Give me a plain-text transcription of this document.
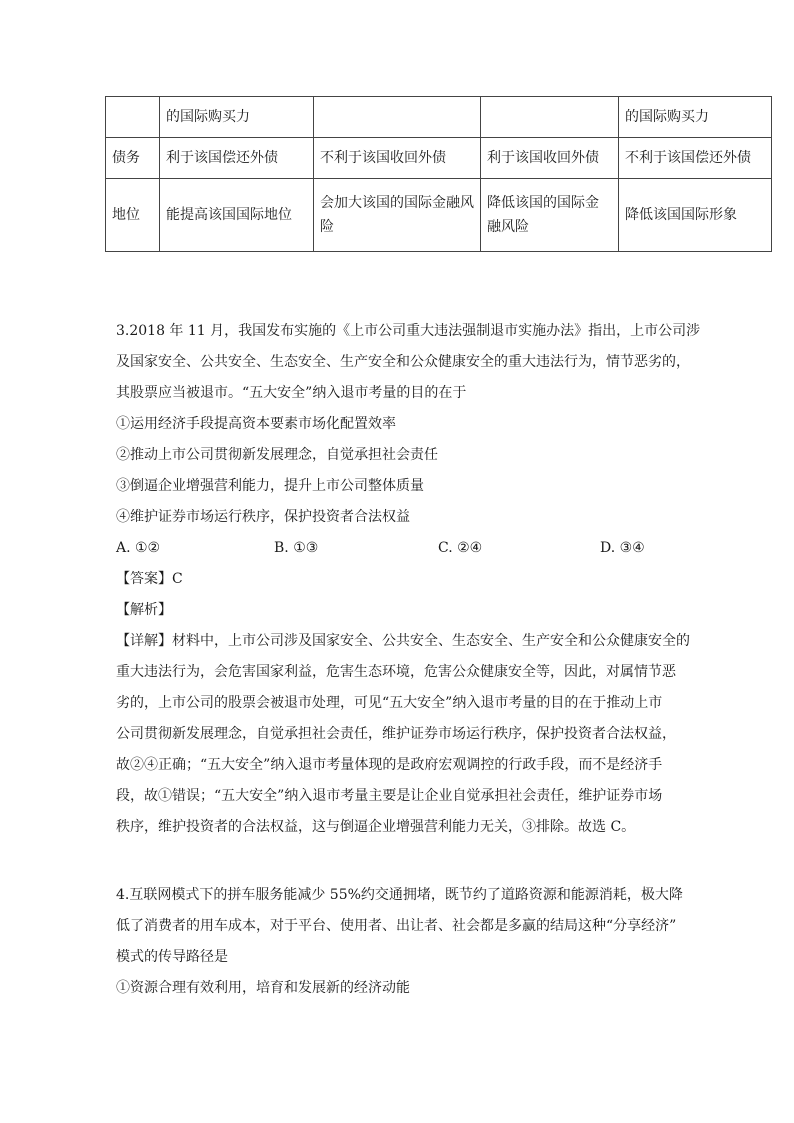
	的国际购买力			的国际购买力
债务	利于该国偿还外债	不利于该国收回外债	利于该国收回外债	不利于该国偿还外债
地位	能提高该国国际地位	会加大该国的国际金融风险	降低该国的国际金融风险	降低该国国际形象
3.2018 年 11 月，我国发布实施的《上市公司重大违法强制退市实施办法》指出，上市公司涉
及国家安全、公共安全、生态安全、生产安全和公众健康安全的重大违法行为，情节恶劣的，
其股票应当被退市。“五大安全”纳入退市考量的目的在于
①运用经济手段提高资本要素市场化配置效率
②推动上市公司贯彻新发展理念，自觉承担社会责任
③倒逼企业增强营利能力，提升上市公司整体质量
④维护证券市场运行秩序，保护投资者合法权益
A. ①②	B. ①③	C. ②④	D. ③④
【答案】C
【解析】
【详解】材料中，上市公司涉及国家安全、公共安全、生态安全、生产安全和公众健康安全的
重大违法行为，会危害国家利益，危害生态环境，危害公众健康安全等，因此，对属情节恶
劣的，上市公司的股票会被退市处理，可见“五大安全”纳入退市考量的目的在于推动上市
公司贯彻新发展理念，自觉承担社会责任，维护证券市场运行秩序，保护投资者合法权益，
故②④正确；“五大安全”纳入退市考量体现的是政府宏观调控的行政手段，而不是经济手
段，故①错误；“五大安全”纳入退市考量主要是让企业自觉承担社会责任，维护证券市场
秩序，维护投资者的合法权益，这与倒逼企业增强营利能力无关，③排除。故选 C。
4.互联网模式下的拼车服务能减少 55%约交通拥堵，既节约了道路资源和能源消耗，极大降
低了消费者的用车成本，对于平台、使用者、出让者、社会都是多赢的结局这种“分享经济”
模式的传导路径是
①资源合理有效利用，培育和发展新的经济动能
